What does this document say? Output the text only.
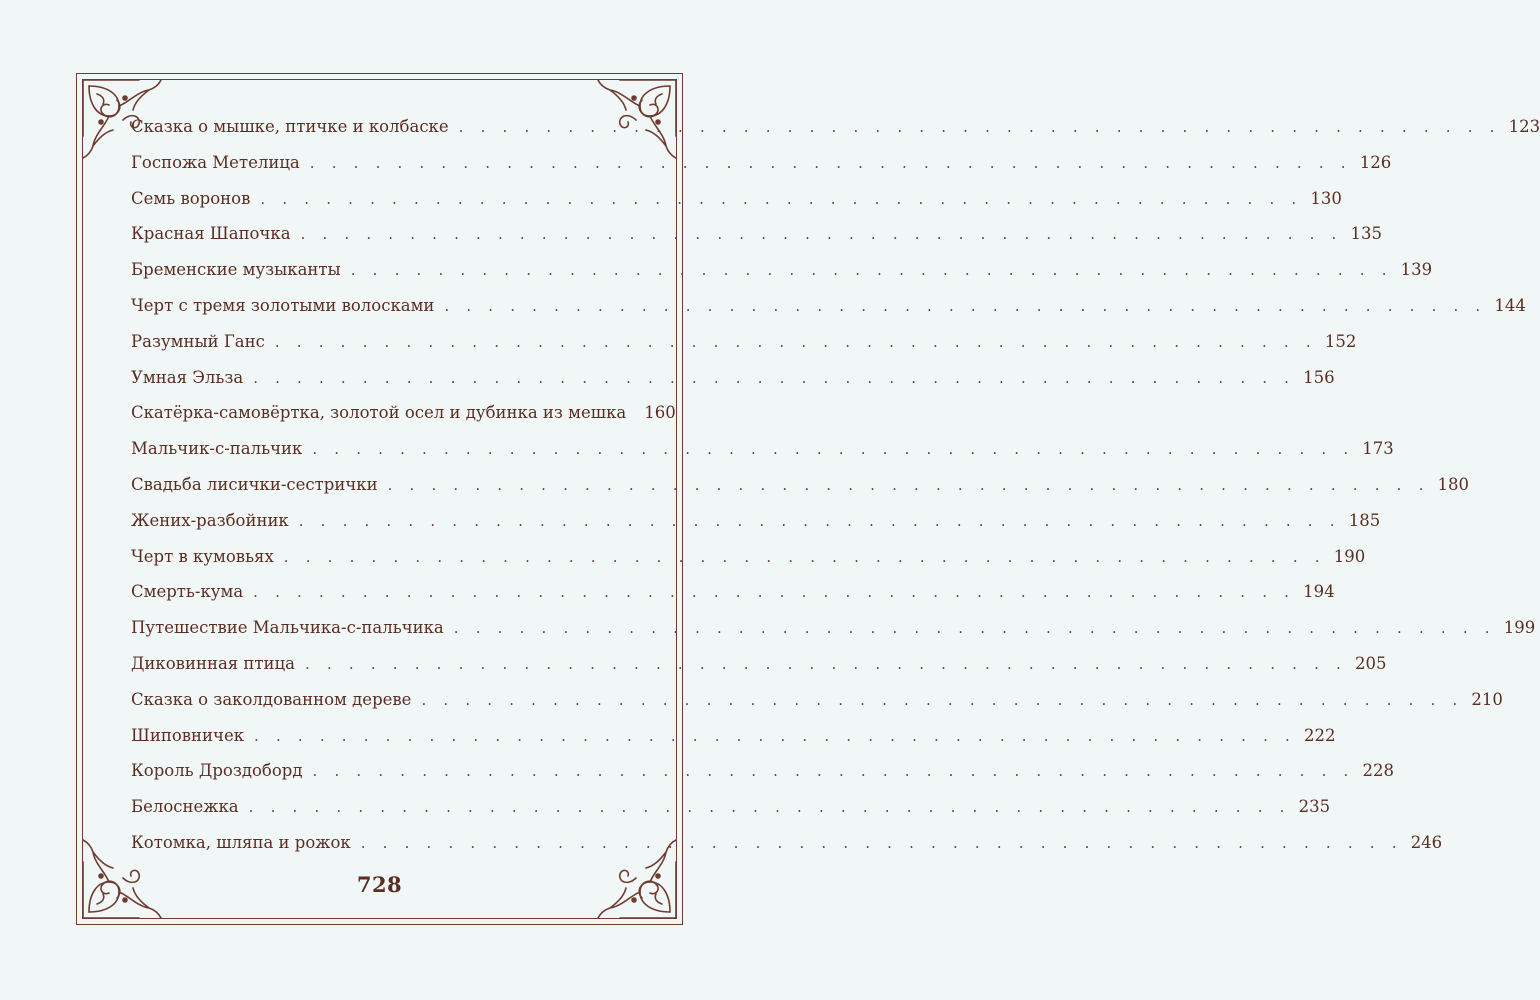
Сказка о мышке, птичке и колбаске . . . . . . . . . . . . . . . . . . . . . . . . . . . . . . . . . . . . . . . . . . . . . . . . 123
Госпожа Метелица . . . . . . . . . . . . . . . . . . . . . . . . . . . . . . . . . . . . . . . . . . . . . . . . 126
Семь воронов . . . . . . . . . . . . . . . . . . . . . . . . . . . . . . . . . . . . . . . . . . . . . . . . 130
Красная Шапочка . . . . . . . . . . . . . . . . . . . . . . . . . . . . . . . . . . . . . . . . . . . . . . . . 135
Бременские музыканты . . . . . . . . . . . . . . . . . . . . . . . . . . . . . . . . . . . . . . . . . . . . . . . . 139
Черт с тремя золотыми волосками . . . . . . . . . . . . . . . . . . . . . . . . . . . . . . . . . . . . . . . . . . . . . . . . 144
Разумный Ганс . . . . . . . . . . . . . . . . . . . . . . . . . . . . . . . . . . . . . . . . . . . . . . . . 152
Умная Эльза . . . . . . . . . . . . . . . . . . . . . . . . . . . . . . . . . . . . . . . . . . . . . . . . 156
Скатёрка-самовёртка, золотой осел и дубинка из мешка 160
Мальчик-с-пальчик . . . . . . . . . . . . . . . . . . . . . . . . . . . . . . . . . . . . . . . . . . . . . . . . 173
Свадьба лисички-сестрички . . . . . . . . . . . . . . . . . . . . . . . . . . . . . . . . . . . . . . . . . . . . . . . . 180
Жених-разбойник . . . . . . . . . . . . . . . . . . . . . . . . . . . . . . . . . . . . . . . . . . . . . . . . 185
Черт в кумовьях . . . . . . . . . . . . . . . . . . . . . . . . . . . . . . . . . . . . . . . . . . . . . . . . 190
Смерть-кума . . . . . . . . . . . . . . . . . . . . . . . . . . . . . . . . . . . . . . . . . . . . . . . . 194
Путешествие Мальчика-с-пальчика . . . . . . . . . . . . . . . . . . . . . . . . . . . . . . . . . . . . . . . . . . . . . . . . 199
Диковинная птица . . . . . . . . . . . . . . . . . . . . . . . . . . . . . . . . . . . . . . . . . . . . . . . . 205
Сказка о заколдованном дереве . . . . . . . . . . . . . . . . . . . . . . . . . . . . . . . . . . . . . . . . . . . . . . . . 210
Шиповничек . . . . . . . . . . . . . . . . . . . . . . . . . . . . . . . . . . . . . . . . . . . . . . . . 222
Король Дроздоборд . . . . . . . . . . . . . . . . . . . . . . . . . . . . . . . . . . . . . . . . . . . . . . . . 228
Белоснежка . . . . . . . . . . . . . . . . . . . . . . . . . . . . . . . . . . . . . . . . . . . . . . . . 235
Котомка, шляпа и рожок . . . . . . . . . . . . . . . . . . . . . . . . . . . . . . . . . . . . . . . . . . . . . . . . 246
728
